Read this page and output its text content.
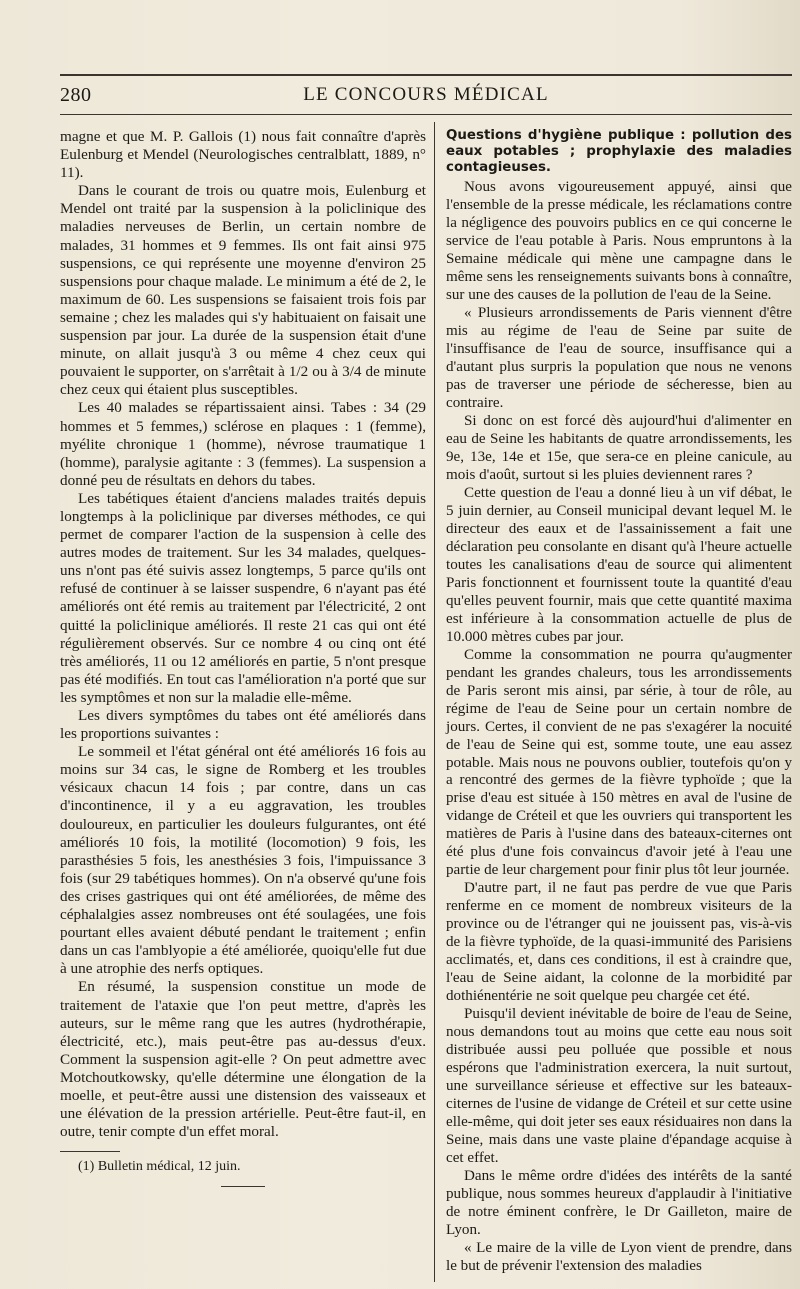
280	LE CONCOURS MÉDICAL

magne et que M. P. Gallois (1) nous fait connaître d'après Eulenburg et Mendel (Neurologisches centralblatt, 1889, n° 11).

Dans le courant de trois ou quatre mois, Eulenburg et Mendel ont traité par la suspension à la policlinique des maladies nerveuses de Berlin, un certain nombre de malades, 31 hommes et 9 femmes. Ils ont fait ainsi 975 suspensions, ce qui représente une moyenne d'environ 25 suspensions pour chaque malade. Le minimum a été de 2, le maximum de 60. Les suspensions se faisaient trois fois par semaine ; chez les malades qui s'y habituaient on faisait une suspension par jour. La durée de la suspension était d'une minute, on allait jusqu'à 3 ou même 4 chez ceux qui pouvaient le supporter, on s'arrêtait à 1/2 ou à 3/4 de minute chez ceux qui étaient plus susceptibles.

Les 40 malades se répartissaient ainsi. Tabes : 34 (29 hommes et 5 femmes,) sclérose en plaques : 1 (femme), myélite chronique 1 (homme), névrose traumatique 1 (homme), paralysie agitante : 3 (femmes). La suspension a donné peu de résultats en dehors du tabes.

Les tabétiques étaient d'anciens malades traités depuis longtemps à la policlinique par diverses méthodes, ce qui permet de comparer l'action de la suspension à celle des autres modes de traitement. Sur les 34 malades, quelques-uns n'ont pas été suivis assez longtemps, 5 parce qu'ils ont refusé de continuer à se laisser suspendre, 6 n'ayant pas été améliorés ont été remis au traitement par l'électricité, 2 ont quitté la policlinique améliorés. Il reste 21 cas qui ont été régulièrement observés. Sur ce nombre 4 ou cinq ont été très améliorés, 11 ou 12 améliorés en partie, 5 n'ont presque pas été modifiés. En tout cas l'amélioration n'a porté que sur les symptômes et non sur la maladie elle-même.

Les divers symptômes du tabes ont été améliorés dans les proportions suivantes :

Le sommeil et l'état général ont été améliorés 16 fois au moins sur 34 cas, le signe de Romberg et les troubles vésicaux chacun 14 fois ; par contre, dans un cas d'incontinence, il y a eu aggravation, les troubles douloureux, en particulier les douleurs fulgurantes, ont été améliorés 10 fois, la motilité (locomotion) 9 fois, les parasthésies 5 fois, les anesthésies 3 fois, l'impuissance 3 fois (sur 29 tabétiques hommes). On n'a observé qu'une fois des crises gastriques qui ont été améliorées, de même des céphalalgies assez nombreuses ont été soulagées, une fois pourtant elles avaient débuté pendant le traitement ; enfin dans un cas l'amblyopie a été améliorée, quoiqu'elle fut due à une atrophie des nerfs optiques.

En résumé, la suspension constitue un mode de traitement de l'ataxie que l'on peut mettre, d'après les auteurs, sur le même rang que les autres (hydrothérapie, électricité, etc.), mais peut-être pas au-dessus d'eux. Comment la suspension agit-elle ? On peut admettre avec Motchoutkowsky, qu'elle détermine une élongation de la moelle, et peut-être aussi une distension des vaisseaux et une élévation de la pression artérielle. Peut-être faut-il, en outre, tenir compte d'un effet moral.

(1) Bulletin médical, 12 juin.

Questions d'hygiène publique : pollution des eaux potables ; prophylaxie des maladies contagieuses.

Nous avons vigoureusement appuyé, ainsi que l'ensemble de la presse médicale, les réclamations contre la négligence des pouvoirs publics en ce qui concerne le service de l'eau potable à Paris. Nous empruntons à la Semaine médicale qui mène une campagne dans le même sens les renseignements suivants bons à connaître, sur une des causes de la pollution de l'eau de la Seine.

« Plusieurs arrondissements de Paris viennent d'être mis au régime de l'eau de Seine par suite de l'insuffisance de l'eau de source, insuffisance qui a d'autant plus surpris la population que nous ne venons pas de traverser une période de sécheresse, bien au contraire.

Si donc on est forcé dès aujourd'hui d'alimenter en eau de Seine les habitants de quatre arrondissements, les 9e, 13e, 14e et 15e, que sera-ce en pleine canicule, au mois d'août, surtout si les pluies deviennent rares ?

Cette question de l'eau a donné lieu à un vif débat, le 5 juin dernier, au Conseil municipal devant lequel M. le directeur des eaux et de l'assainissement a fait une déclaration peu consolante en disant qu'à l'heure actuelle toutes les canalisations d'eau de source qui alimentent Paris fonctionnent et fournissent toute la quantité d'eau qu'elles peuvent fournir, mais que cette quantité maxima est inférieure à la consommation actuelle de plus de 10.000 mètres cubes par jour.

Comme la consommation ne pourra qu'augmenter pendant les grandes chaleurs, tous les arrondissements de Paris seront mis ainsi, par série, à tour de rôle, au régime de l'eau de Seine pour un certain nombre de jours. Certes, il convient de ne pas s'exagérer la nocuité de l'eau de Seine qui est, somme toute, une eau assez potable. Mais nous ne pouvons oublier, toutefois qu'on y a rencontré des germes de la fièvre typhoïde ; que la prise d'eau est située à 150 mètres en aval de l'usine de vidange de Créteil et que les ouvriers qui transportent les matières de Paris à l'usine dans des bateaux-citernes ont été plus d'une fois convaincus d'avoir jeté à l'eau une partie de leur chargement pour finir plus tôt leur journée.

D'autre part, il ne faut pas perdre de vue que Paris renferme en ce moment de nombreux visiteurs de la province ou de l'étranger qui ne jouissent pas, vis-à-vis de la fièvre typhoïde, de la quasi-immunité des Parisiens acclimatés, et, dans ces conditions, il est à craindre que, l'eau de Seine aidant, la colonne de la morbidité par dothiénentérie ne soit quelque peu chargée cet été.

Puisqu'il devient inévitable de boire de l'eau de Seine, nous demandons tout au moins que cette eau nous soit distribuée aussi peu polluée que possible et nous espérons que l'administration exercera, la nuit surtout, une surveillance sérieuse et effective sur les bateaux-citernes de l'usine de vidange de Créteil et sur cette usine elle-même, qui doit jeter ses eaux résiduaires non dans la Seine, mais dans une vaste plaine d'épandage acquise à cet effet.

Dans le même ordre d'idées des intérêts de la santé publique, nous sommes heureux d'applaudir à l'initiative de notre éminent confrère, le Dr Gailleton, maire de Lyon.

« Le maire de la ville de Lyon vient de prendre, dans le but de prévenir l'extension des maladies
